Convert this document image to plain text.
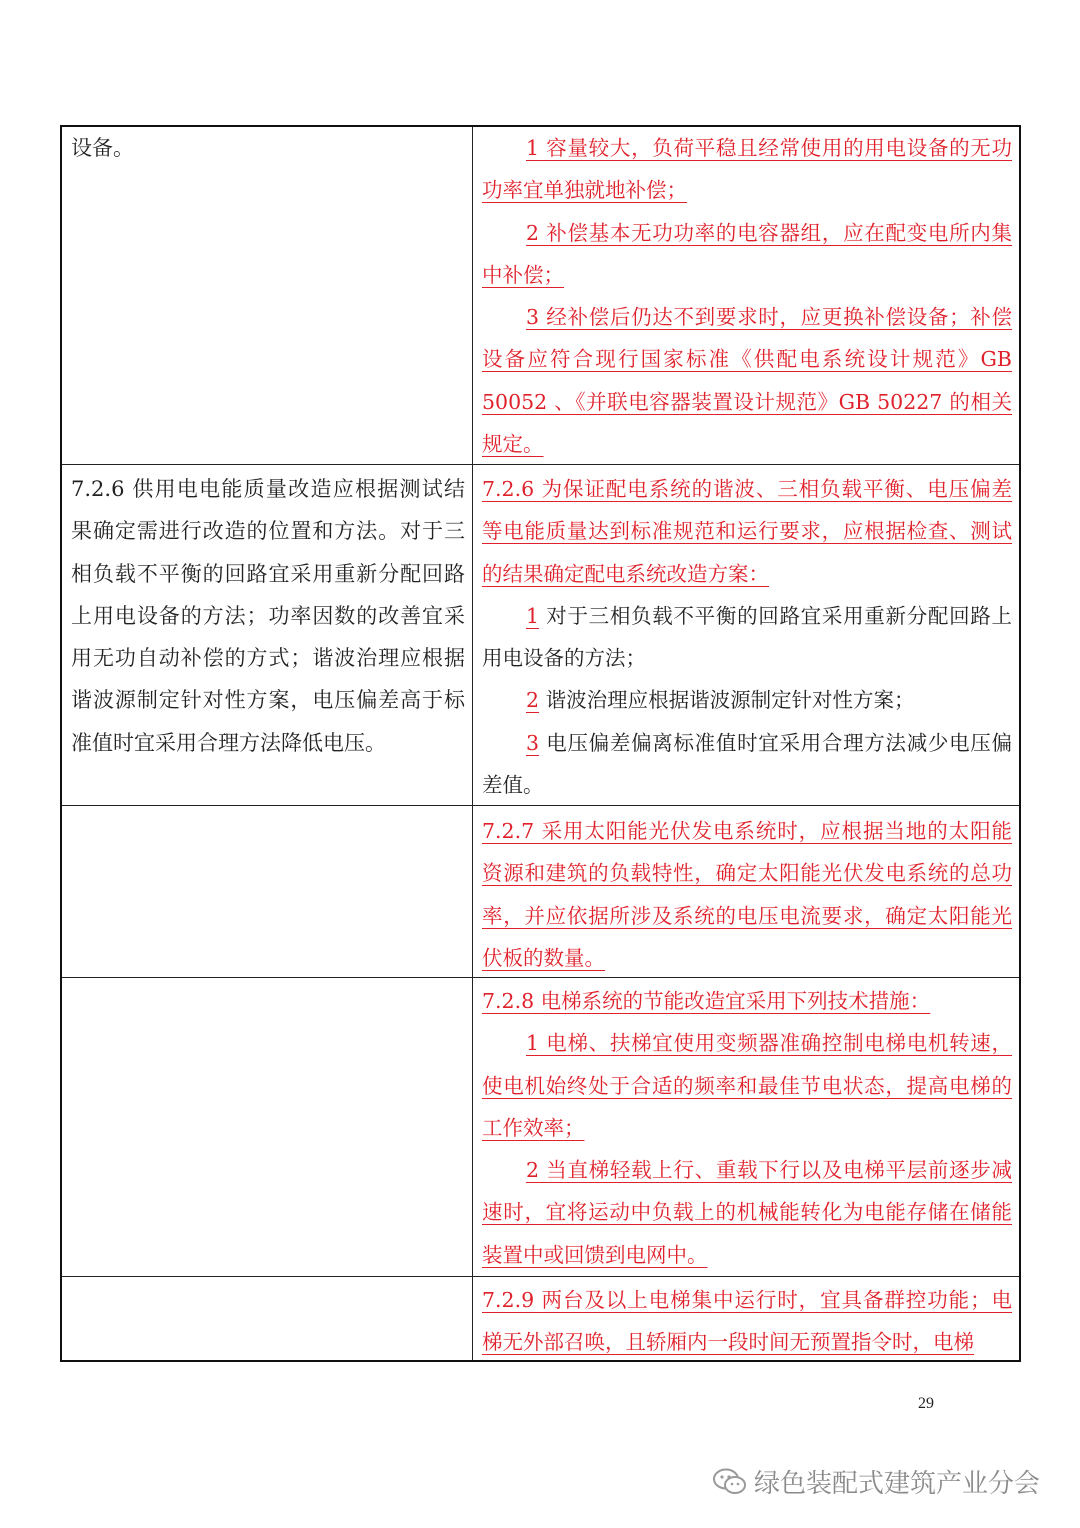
设备。	1 容量较大，负荷平稳且经常使用的用电设备的无功功率宜单独就地补偿；

2 补偿基本无功功率的电容器组，应在配变电所内集中补偿；

3 经补偿后仍达不到要求时，应更换补偿设备；补偿设备应符合现行国家标准《供配电系统设计规范》GB 50052 、《并联电容器装置设计规范》GB 50227 的相关规定。

7.2.6 供用电电能质量改造应根据测试结果确定需进行改造的位置和方法。对于三相负载不平衡的回路宜采用重新分配回路上用电设备的方法；功率因数的改善宜采用无功自动补偿的方式；谐波治理应根据谐波源制定针对性方案，电压偏差高于标准值时宜采用合理方法降低电压。

7.2.6 为保证配电系统的谐波、三相负载平衡、电压偏差等电能质量达到标准规范和运行要求，应根据检查、测试的结果确定配电系统改造方案：

1 对于三相负载不平衡的回路宜采用重新分配回路上用电设备的方法；

2 谐波治理应根据谐波源制定针对性方案；

3 电压偏差偏离标准值时宜采用合理方法减少电压偏差值。

7.2.7 采用太阳能光伏发电系统时，应根据当地的太阳能资源和建筑的负载特性，确定太阳能光伏发电系统的总功率，并应依据所涉及系统的电压电流要求，确定太阳能光伏板的数量。

7.2.8 电梯系统的节能改造宜采用下列技术措施：

1 电梯、扶梯宜使用变频器准确控制电梯电机转速，使电机始终处于合适的频率和最佳节电状态，提高电梯的工作效率；

2 当直梯轻载上行、重载下行以及电梯平层前逐步减速时，宜将运动中负载上的机械能转化为电能存储在储能装置中或回馈到电网中。

7.2.9 两台及以上电梯集中运行时，宜具备群控功能；电梯无外部召唤，且轿厢内一段时间无预置指令时，电梯

29
绿色装配式建筑产业分会
